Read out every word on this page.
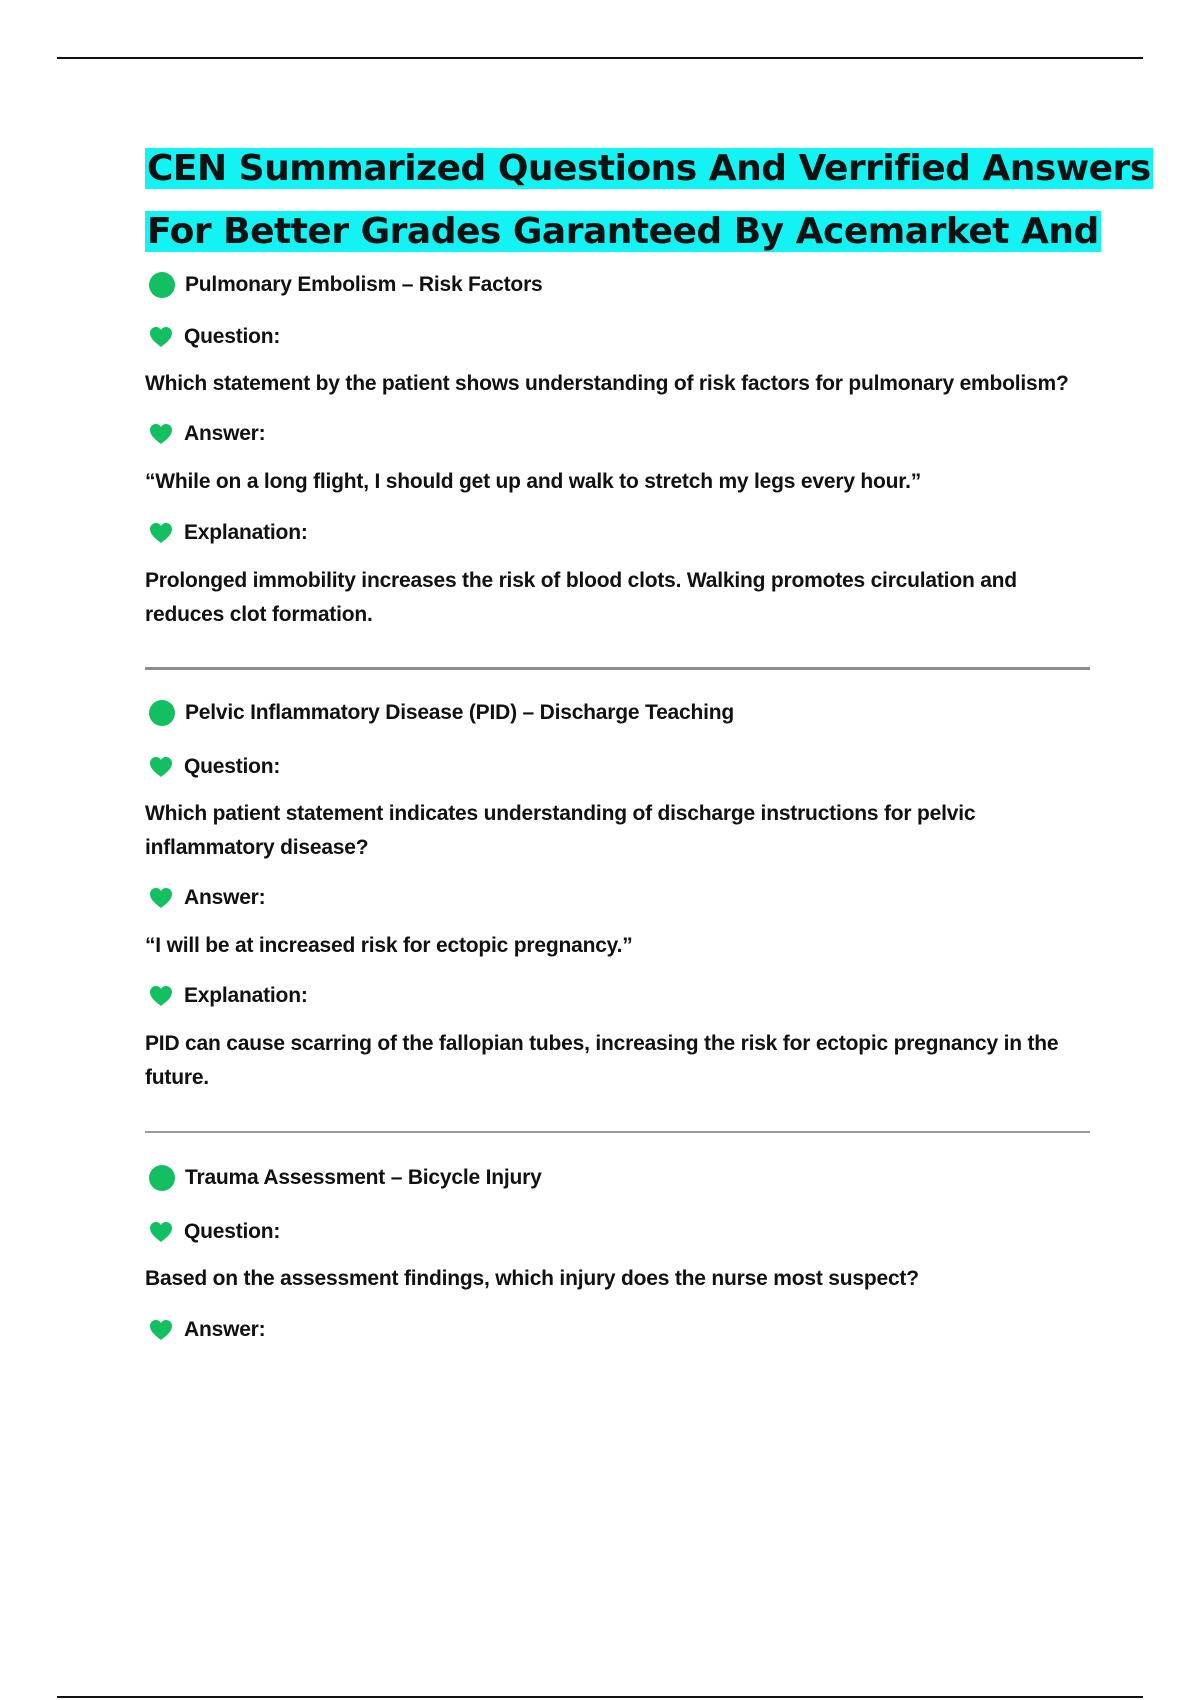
CEN Summarized Questions And Verrified Answers
For Better Grades Garanteed By Acemarket And
Pulmonary Embolism – Risk Factors
Question:
Which statement by the patient shows understanding of risk factors for pulmonary embolism?
Answer:
“While on a long flight, I should get up and walk to stretch my legs every hour.”
Explanation:
Prolonged immobility increases the risk of blood clots. Walking promotes circulation and reduces clot formation.
Pelvic Inflammatory Disease (PID) – Discharge Teaching
Question:
Which patient statement indicates understanding of discharge instructions for pelvic inflammatory disease?
Answer:
“I will be at increased risk for ectopic pregnancy.”
Explanation:
PID can cause scarring of the fallopian tubes, increasing the risk for ectopic pregnancy in the future.
Trauma Assessment – Bicycle Injury
Question:
Based on the assessment findings, which injury does the nurse most suspect?
Answer:
